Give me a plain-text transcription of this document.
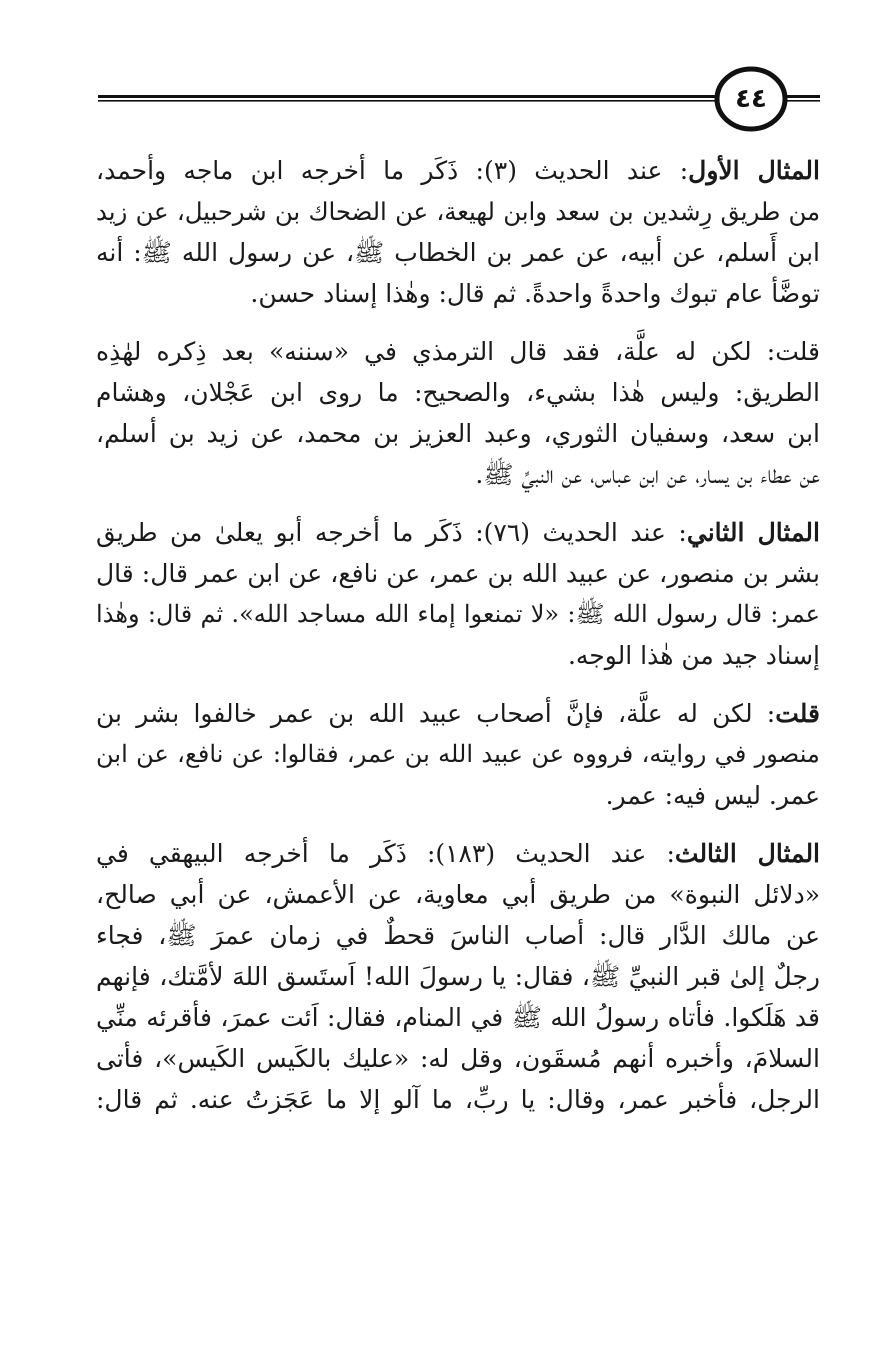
٤٤
المثال الأول: عند الحديث (٣): ذَكَر ما أخرجه ابن ماجه وأحمد،
من طريق رِشدين بن سعد وابن لهيعة، عن الضحاك بن شرحبيل، عن زيد
ابن أَسلم، عن أبيه، عن عمر بن الخطاب ﷺ، عن رسول الله ﷺ: أنه
توضَّأ عام تبوك واحدةً واحدةً. ثم قال: وهٰذا إسناد حسن.
قلت: لكن له علَّة، فقد قال الترمذي في «سننه» بعد ذِكره لهٰذِه
الطريق: وليس هٰذا بشيء، والصحيح: ما روى ابن عَجْلان، وهشام
ابن سعد، وسفيان الثوري، وعبد العزيز بن محمد، عن زيد بن أسلم،
عن عطاء بن يسار، عن ابن عباس، عن النبيِّ ﷺ.
المثال الثاني: عند الحديث (٧٦): ذَكَر ما أخرجه أبو يعلىٰ من طريق
بشر بن منصور، عن عبيد الله بن عمر، عن نافع، عن ابن عمر قال: قال
عمر: قال رسول الله ﷺ: «لا تمنعوا إماء الله مساجد الله». ثم قال: وهٰذا
إسناد جيد من هٰذا الوجه.
قلت: لكن له علَّة، فإنَّ أصحاب عبيد الله بن عمر خالفوا بشر بن
منصور في روايته، فرووه عن عبيد الله بن عمر، فقالوا: عن نافع، عن ابن
عمر. ليس فيه: عمر.
المثال الثالث: عند الحديث (١٨٣): ذَكَر ما أخرجه البيهقي في
«دلائل النبوة» من طريق أبي معاوية، عن الأعمش، عن أبي صالح،
عن مالك الدَّار قال: أصاب الناسَ قحطٌ في زمان عمرَ ﷺ، فجاء
رجلٌ إلىٰ قبر النبيِّ ﷺ، فقال: يا رسولَ الله! اَستَسق اللهَ لأمَّتك، فإنهم
قد هَلَكوا. فأتاه رسولُ الله ﷺ في المنام، فقال: اَئت عمرَ، فأقرئه منِّي
السلامَ، وأخبره أنهم مُسقَون، وقل له: «عليك بالكَيس الكَيس»، فأتى
الرجل، فأخبر عمر، وقال: يا ربِّ، ما آلو إلا ما عَجَزتُ عنه. ثم قال:
